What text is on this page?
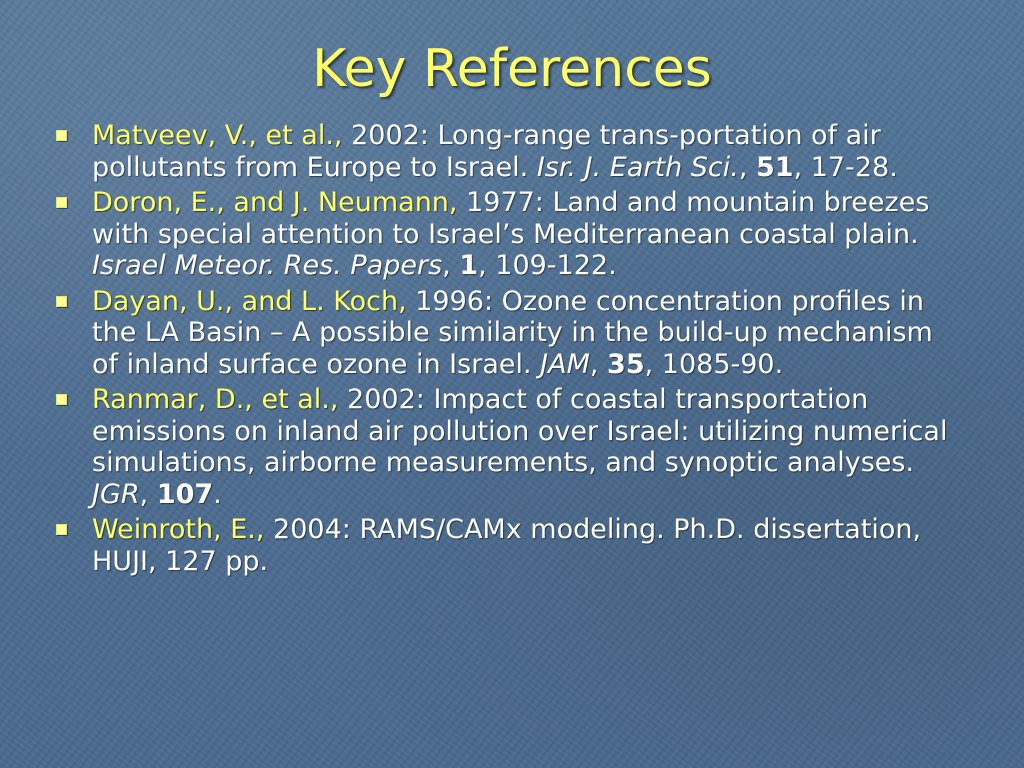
Key References
Matveev, V., et al., 2002: Long-range trans-portation of air pollutants from Europe to Israel. Isr. J. Earth Sci., 51, 17-28.
Doron, E., and J. Neumann, 1977: Land and mountain breezes with special attention to Israel’s Mediterranean coastal plain. Israel Meteor. Res. Papers, 1, 109-122.
Dayan, U., and L. Koch, 1996: Ozone concentration profiles in the LA Basin – A possible similarity in the build-up mechanism of inland surface ozone in Israel. JAM, 35, 1085-90.
Ranmar, D., et al., 2002: Impact of coastal transportation emissions on inland air pollution over Israel: utilizing numerical simulations, airborne measurements, and synoptic analyses. JGR, 107.
Weinroth, E., 2004: RAMS/CAMx modeling. Ph.D. dissertation, HUJI, 127 pp.
